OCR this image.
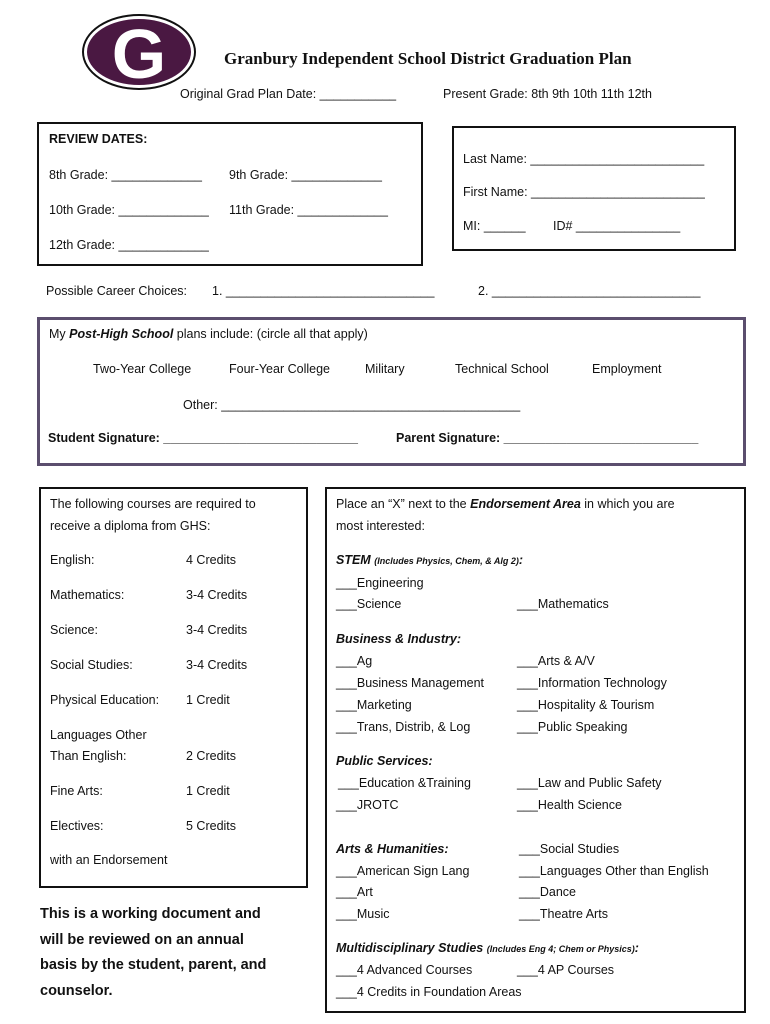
G	Granbury Independent School District Graduation Plan
Original Grad Plan Date: ___________	Present Grade: 8th 9th 10th 11th 12th
REVIEW DATES:
8th Grade: _____________ 9th Grade: _____________
10th Grade: _____________ 11th Grade: _____________
12th Grade: _____________
Last Name: _________________________
First Name: _________________________
MI: ______ ID# _______________
Possible Career Choices: 1. ______________________________	2. ______________________________
My Post-High School plans include: (circle all that apply)
Two-Year College	Four-Year College	Military	Technical School	Employment
Other: ___________________________________________
Student Signature: ____________________________	Parent Signature: ____________________________
The following courses are required to
receive a diploma from GHS:
English:	4 Credits
Mathematics:	3-4 Credits
Science:	3-4 Credits
Social Studies:	3-4 Credits
Physical Education: 1 Credit
Languages Other
Than English:	2 Credits
Fine Arts:	1 Credit
Electives:	5 Credits
with an Endorsement
This is a working document and
will be reviewed on an annual
basis by the student, parent, and
counselor.
Place an “X” next to the Endorsement Area in which you are
most interested:
STEM (Includes Physics, Chem, & Alg 2):
___Engineering
___Science	___Mathematics
Business & Industry:
___Ag	___Arts & A/V
___Business Management	___Information Technology
___Marketing	___Hospitality & Tourism
___Trans, Distrib, & Log	___Public Speaking
Public Services:
___Education &Training	___Law and Public Safety
___JROTC	___Health Science
Arts & Humanities:	___Social Studies
___American Sign Lang	___Languages Other than English
___Art	___Dance
___Music	___Theatre Arts
Multidisciplinary Studies (Includes Eng 4; Chem or Physics):
___4 Advanced Courses	___4 AP Courses
___4 Credits in Foundation Areas
